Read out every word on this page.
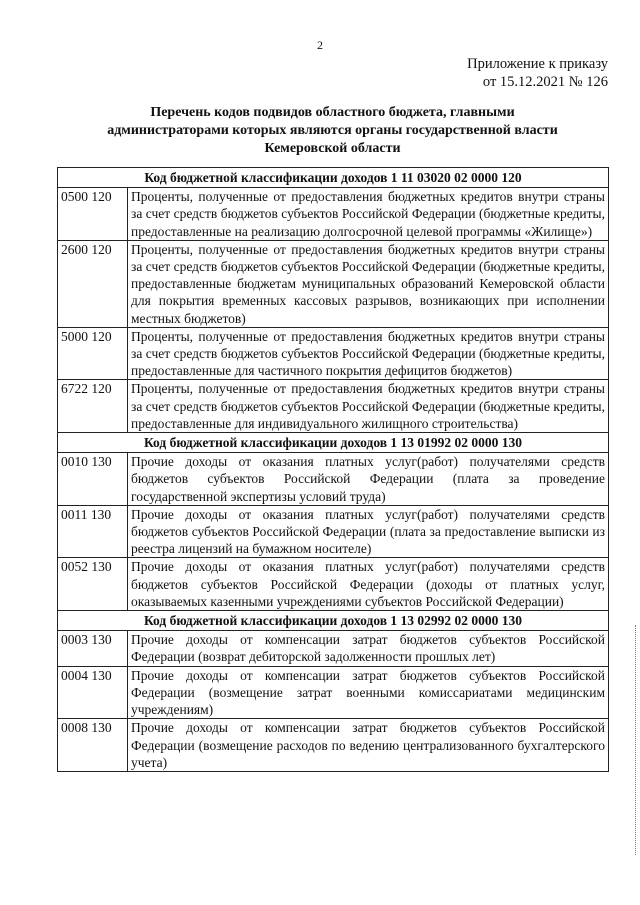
2
Приложение к приказу
от 15.12.2021 № 126
Перечень кодов подвидов областного бюджета, главными
администраторами которых являются органы государственной власти
Кемеровской области
Код бюджетной классификации доходов 1 11 03020 02 0000 120	
0500 120	Проценты, полученные от предоставления бюджетных кредитов внутри страны за счет средств бюджетов субъектов Российской Федерации (бюджетные кредиты, предоставленные на реализацию долгосрочной целевой программы «Жилище»)
2600 120	Проценты, полученные от предоставления бюджетных кредитов внутри страны за счет средств бюджетов субъектов Российской Федерации (бюджетные кредиты, предоставленные бюджетам муниципальных образований Кемеровской области для покрытия временных кассовых разрывов, возникающих при исполнении местных бюджетов)
5000 120	Проценты, полученные от предоставления бюджетных кредитов внутри страны за счет средств бюджетов субъектов Российской Федерации (бюджетные кредиты, предоставленные для частичного покрытия дефицитов бюджетов)
6722 120	Проценты, полученные от предоставления бюджетных кредитов внутри страны за счет средств бюджетов субъектов Российской Федерации (бюджетные кредиты, предоставленные для индивидуального жилищного строительства)
Код бюджетной классификации доходов 1 13 01992 02 0000 130	
0010 130	Прочие доходы от оказания платных услуг(работ) получателями средств бюджетов субъектов Российской Федерации (плата за проведение государственной экспертизы условий труда)
0011 130	Прочие доходы от оказания платных услуг(работ) получателями средств бюджетов субъектов Российской Федерации (плата за предоставление выписки из реестра лицензий на бумажном носителе)
0052 130	Прочие доходы от оказания платных услуг(работ) получателями средств бюджетов субъектов Российской Федерации (доходы от платных услуг, оказываемых казенными учреждениями субъектов Российской Федерации)
Код бюджетной классификации доходов 1 13 02992 02 0000 130	
0003 130	Прочие доходы от компенсации затрат бюджетов субъектов Российской Федерации (возврат дебиторской задолженности прошлых лет)
0004 130	Прочие доходы от компенсации затрат бюджетов субъектов Российской Федерации (возмещение затрат военными комиссариатами медицинским учреждениям)
0008 130	Прочие доходы от компенсации затрат бюджетов субъектов Российской Федерации (возмещение расходов по ведению централизованного бухгалтерского учета)
